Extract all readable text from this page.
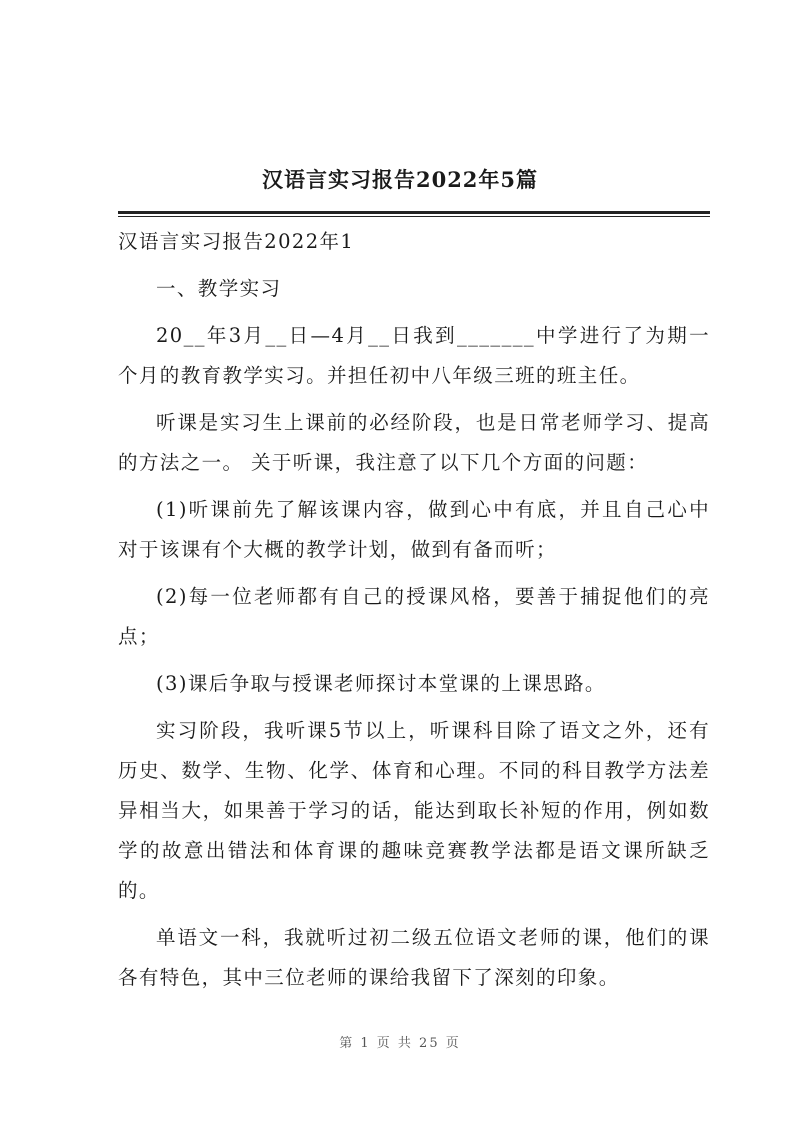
汉语言实习报告2022年5篇

汉语言实习报告2022年1

一、教学实习

20__年3月__日—4月__日我到_______中学进行了为期一个月的教育教学实习。并担任初中八年级三班的班主任。

听课是实习生上课前的必经阶段，也是日常老师学习、提高的方法之一。 关于听课，我注意了以下几个方面的问题：

(1)听课前先了解该课内容，做到心中有底，并且自己心中对于该课有个大概的教学计划，做到有备而听；

(2)每一位老师都有自己的授课风格，要善于捕捉他们的亮点；

(3)课后争取与授课老师探讨本堂课的上课思路。

实习阶段，我听课5节以上，听课科目除了语文之外，还有历史、数学、生物、化学、体育和心理。不同的科目教学方法差异相当大，如果善于学习的话，能达到取长补短的作用，例如数学的故意出错法和体育课的趣味竞赛教学法都是语文课所缺乏的。

单语文一科，我就听过初二级五位语文老师的课，他们的课各有特色，其中三位老师的课给我留下了深刻的印象。

第 1 页 共 25 页
